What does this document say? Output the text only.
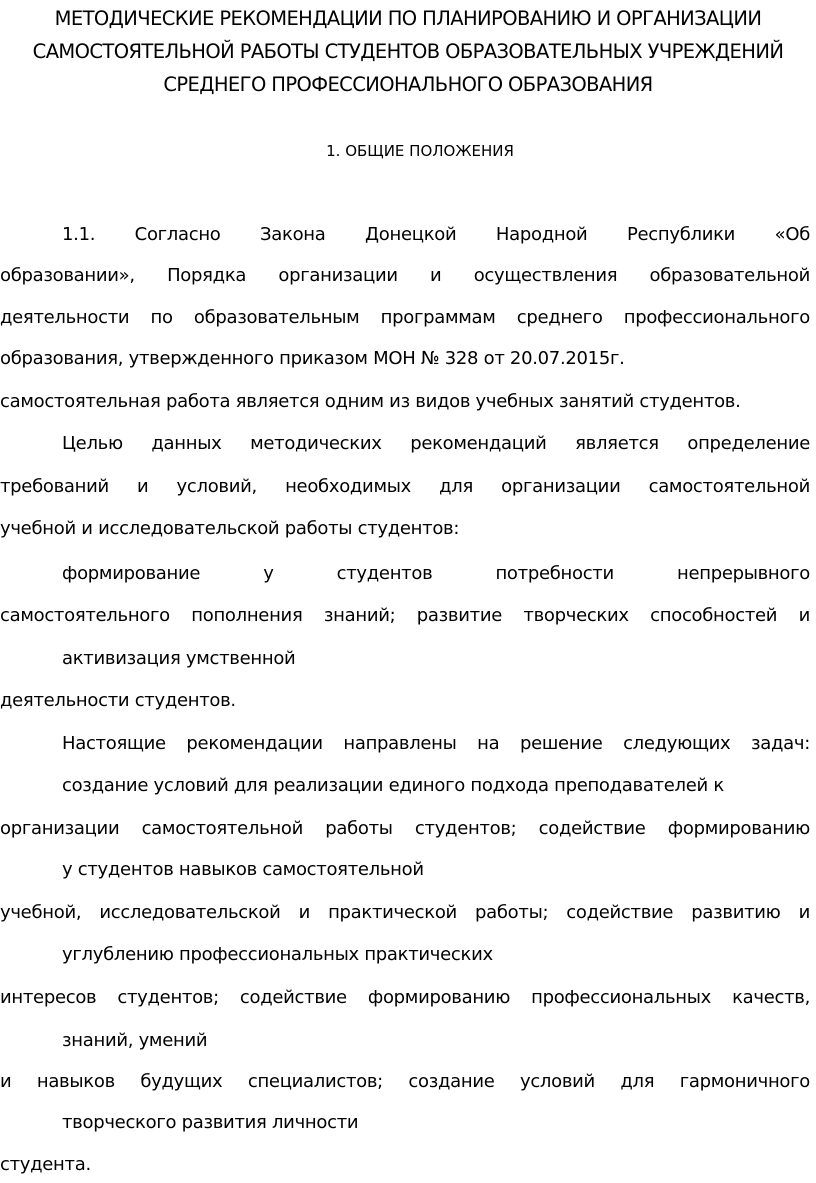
МЕТОДИЧЕСКИЕ РЕКОМЕНДАЦИИ ПО ПЛАНИРОВАНИЮ И ОРГАНИЗАЦИИ
САМОСТОЯТЕЛЬНОЙ РАБОТЫ СТУДЕНТОВ ОБРАЗОВАТЕЛЬНЫХ УЧРЕЖДЕНИЙ
СРЕДНЕГО ПРОФЕССИОНАЛЬНОГО ОБРАЗОВАНИЯ
1. ОБЩИЕ ПОЛОЖЕНИЯ
1.1. Согласно Закона Донецкой Народной Республики «Об
образовании», Порядка организации и осуществления образовательной
деятельности по образовательным программам среднего профессионального
образования, утвержденного приказом МОН № 328 от 20.07.2015г.
самостоятельная работа является одним из видов учебных занятий студентов.
Целью данных методических рекомендаций является определение
требований и условий, необходимых для организации самостоятельной
учебной и исследовательской работы студентов:
формирование у студентов потребности непрерывного
самостоятельного пополнения знаний; развитие творческих способностей и
активизация умственной
деятельности студентов.
Настоящие рекомендации направлены на решение следующих задач:
создание условий для реализации единого подхода преподавателей к
организации самостоятельной работы студентов; содействие формированию
у студентов навыков самостоятельной
учебной, исследовательской и практической работы; содействие развитию и
углублению профессиональных практических
интересов студентов; содействие формированию профессиональных качеств,
знаний, умений
и навыков будущих специалистов; создание условий для гармоничного
творческого развития личности
студента.
